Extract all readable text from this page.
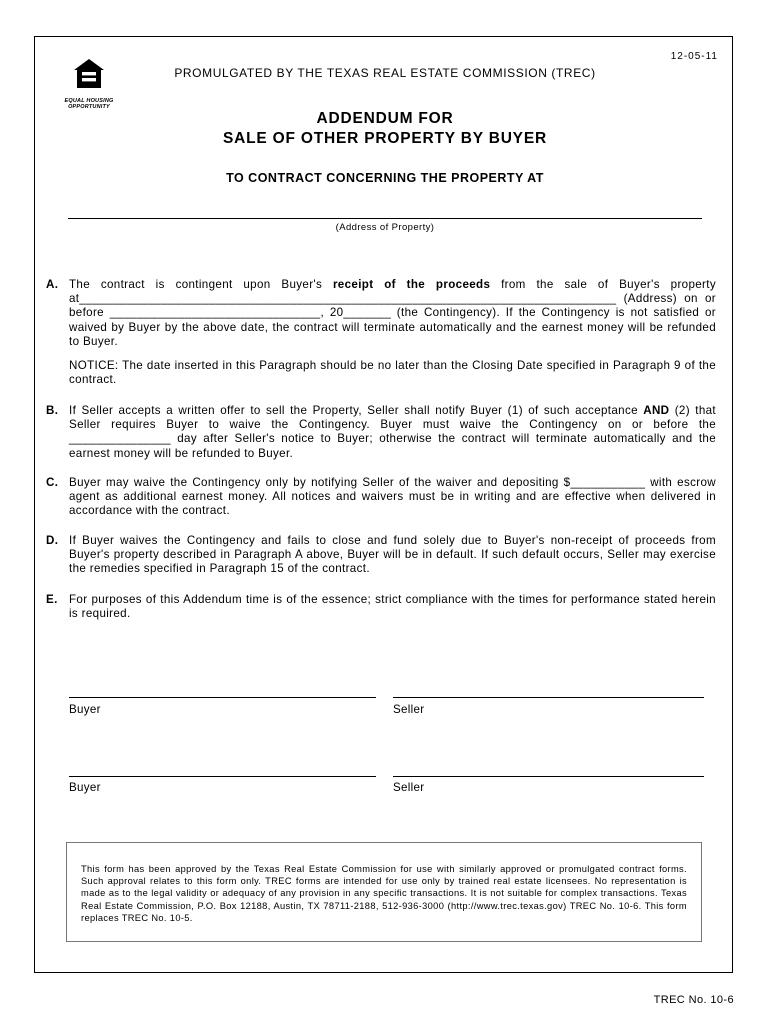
EQUAL HOUSING OPPORTUNITY
12-05-11
PROMULGATED BY THE TEXAS REAL ESTATE COMMISSION (TREC)
ADDENDUM FOR
SALE OF OTHER PROPERTY BY BUYER
TO CONTRACT CONCERNING THE PROPERTY AT
(Address of Property)
A. The contract is contingent upon Buyer's receipt of the proceeds from the sale of Buyer's property at_______________________________________________________________________________ (Address) on or before _______________________________, 20_______ (the Contingency). If the Contingency is not satisfied or waived by Buyer by the above date, the contract will terminate automatically and the earnest money will be refunded to Buyer.
NOTICE: The date inserted in this Paragraph should be no later than the Closing Date specified in Paragraph 9 of the contract.
B. If Seller accepts a written offer to sell the Property, Seller shall notify Buyer (1) of such acceptance AND (2) that Seller requires Buyer to waive the Contingency. Buyer must waive the Contingency on or before the _______________ day after Seller's notice to Buyer; otherwise the contract will terminate automatically and the earnest money will be refunded to Buyer.
C. Buyer may waive the Contingency only by notifying Seller of the waiver and depositing $___________ with escrow agent as additional earnest money. All notices and waivers must be in writing and are effective when delivered in accordance with the contract.
D. If Buyer waives the Contingency and fails to close and fund solely due to Buyer's non-receipt of proceeds from Buyer's property described in Paragraph A above, Buyer will be in default. If such default occurs, Seller may exercise the remedies specified in Paragraph 15 of the contract.
E. For purposes of this Addendum time is of the essence; strict compliance with the times for performance stated herein is required.
Buyer	Seller
Buyer	Seller
This form has been approved by the Texas Real Estate Commission for use with similarly approved or promulgated contract forms. Such approval relates to this form only. TREC forms are intended for use only by trained real estate licensees. No representation is made as to the legal validity or adequacy of any provision in any specific transactions. It is not suitable for complex transactions. Texas Real Estate Commission, P.O. Box 12188, Austin, TX 78711-2188, 512-936-3000 (http://www.trec.texas.gov) TREC No. 10-6. This form replaces TREC No. 10-5.
TREC No. 10-6
